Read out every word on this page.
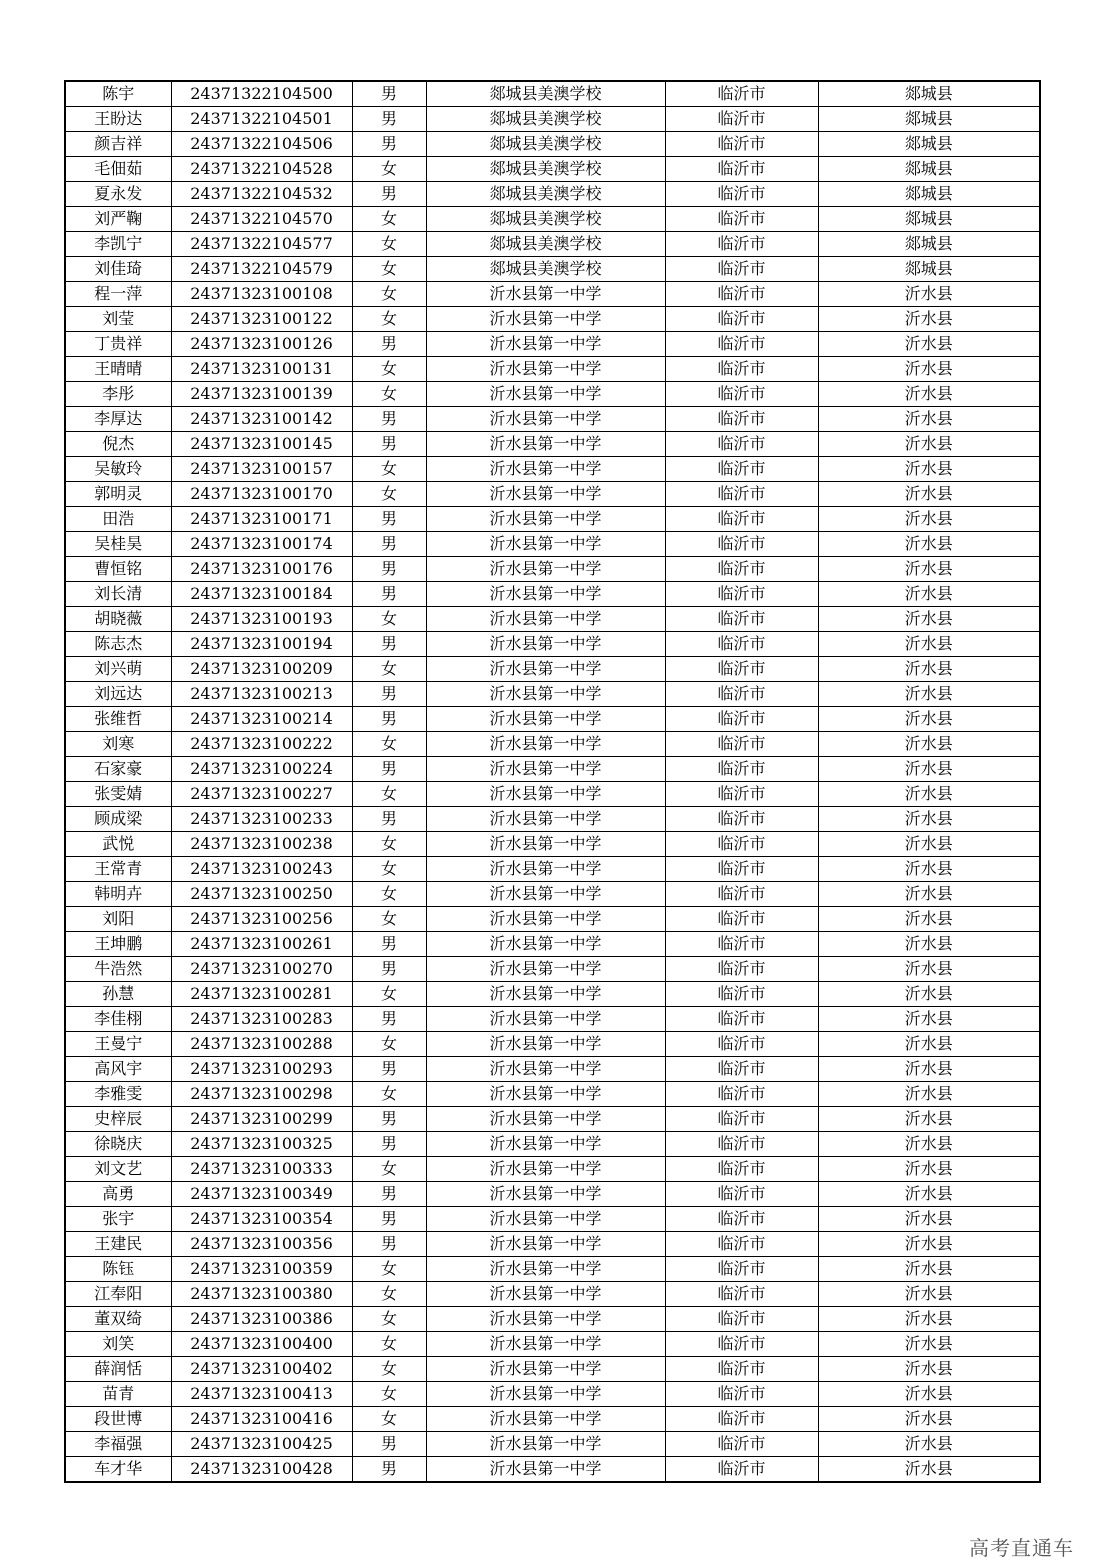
陈宇	24371322104500	男	郯城县美澳学校	临沂市	郯城县
王盼达	24371322104501	男	郯城县美澳学校	临沂市	郯城县
颜吉祥	24371322104506	男	郯城县美澳学校	临沂市	郯城县
毛佃茹	24371322104528	女	郯城县美澳学校	临沂市	郯城县
夏永发	24371322104532	男	郯城县美澳学校	临沂市	郯城县
刘严鞠	24371322104570	女	郯城县美澳学校	临沂市	郯城县
李凯宁	24371322104577	女	郯城县美澳学校	临沂市	郯城县
刘佳琦	24371322104579	女	郯城县美澳学校	临沂市	郯城县
程一萍	24371323100108	女	沂水县第一中学	临沂市	沂水县
刘莹	24371323100122	女	沂水县第一中学	临沂市	沂水县
丁贵祥	24371323100126	男	沂水县第一中学	临沂市	沂水县
王晴晴	24371323100131	女	沂水县第一中学	临沂市	沂水县
李彤	24371323100139	女	沂水县第一中学	临沂市	沂水县
李厚达	24371323100142	男	沂水县第一中学	临沂市	沂水县
倪杰	24371323100145	男	沂水县第一中学	临沂市	沂水县
吴敏玲	24371323100157	女	沂水县第一中学	临沂市	沂水县
郭明灵	24371323100170	女	沂水县第一中学	临沂市	沂水县
田浩	24371323100171	男	沂水县第一中学	临沂市	沂水县
吴桂昊	24371323100174	男	沂水县第一中学	临沂市	沂水县
曹恒铭	24371323100176	男	沂水县第一中学	临沂市	沂水县
刘长清	24371323100184	男	沂水县第一中学	临沂市	沂水县
胡晓薇	24371323100193	女	沂水县第一中学	临沂市	沂水县
陈志杰	24371323100194	男	沂水县第一中学	临沂市	沂水县
刘兴萌	24371323100209	女	沂水县第一中学	临沂市	沂水县
刘远达	24371323100213	男	沂水县第一中学	临沂市	沂水县
张维哲	24371323100214	男	沂水县第一中学	临沂市	沂水县
刘寒	24371323100222	女	沂水县第一中学	临沂市	沂水县
石家豪	24371323100224	男	沂水县第一中学	临沂市	沂水县
张雯婧	24371323100227	女	沂水县第一中学	临沂市	沂水县
顾成梁	24371323100233	男	沂水县第一中学	临沂市	沂水县
武悦	24371323100238	女	沂水县第一中学	临沂市	沂水县
王常青	24371323100243	女	沂水县第一中学	临沂市	沂水县
韩明卉	24371323100250	女	沂水县第一中学	临沂市	沂水县
刘阳	24371323100256	女	沂水县第一中学	临沂市	沂水县
王坤鹏	24371323100261	男	沂水县第一中学	临沂市	沂水县
牛浩然	24371323100270	男	沂水县第一中学	临沂市	沂水县
孙慧	24371323100281	女	沂水县第一中学	临沂市	沂水县
李佳栩	24371323100283	男	沂水县第一中学	临沂市	沂水县
王曼宁	24371323100288	女	沂水县第一中学	临沂市	沂水县
高风宇	24371323100293	男	沂水县第一中学	临沂市	沂水县
李雅雯	24371323100298	女	沂水县第一中学	临沂市	沂水县
史梓辰	24371323100299	男	沂水县第一中学	临沂市	沂水县
徐晓庆	24371323100325	男	沂水县第一中学	临沂市	沂水县
刘文艺	24371323100333	女	沂水县第一中学	临沂市	沂水县
高勇	24371323100349	男	沂水县第一中学	临沂市	沂水县
张宇	24371323100354	男	沂水县第一中学	临沂市	沂水县
王建民	24371323100356	男	沂水县第一中学	临沂市	沂水县
陈钰	24371323100359	女	沂水县第一中学	临沂市	沂水县
江奉阳	24371323100380	女	沂水县第一中学	临沂市	沂水县
董双绮	24371323100386	女	沂水县第一中学	临沂市	沂水县
刘笑	24371323100400	女	沂水县第一中学	临沂市	沂水县
薛润恬	24371323100402	女	沂水县第一中学	临沂市	沂水县
苗青	24371323100413	女	沂水县第一中学	临沂市	沂水县
段世博	24371323100416	女	沂水县第一中学	临沂市	沂水县
李福强	24371323100425	男	沂水县第一中学	临沂市	沂水县
车才华	24371323100428	男	沂水县第一中学	临沂市	沂水县
高考直通车
